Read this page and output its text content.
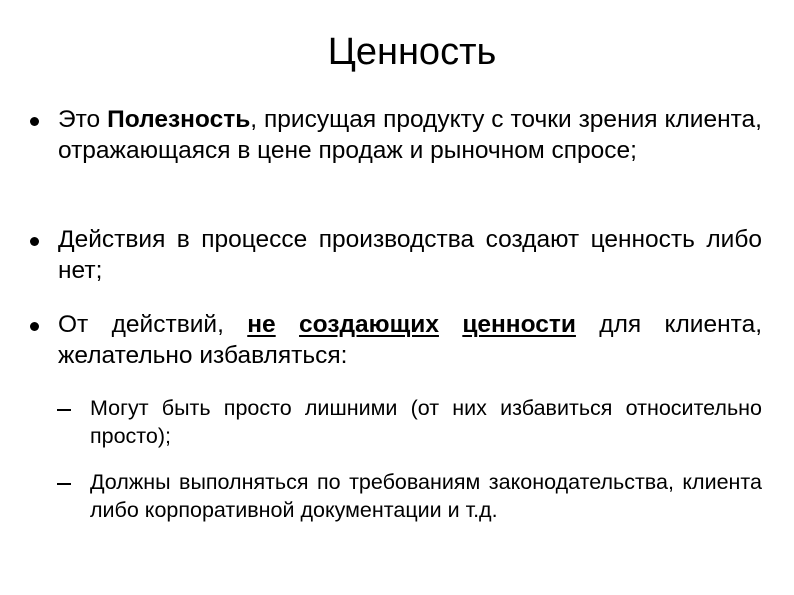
Ценность
Это Полезность, присущая продукту с точки зрения клиента, отражающаяся в цене продаж и рыночном спросе;
Действия в процессе производства создают ценность либо нет;
От действий, не создающих ценности для клиента, желательно избавляться:
Могут быть просто лишними (от них избавиться относительно просто);
Должны выполняться по требованиям законодательства, клиента либо корпоративной документации и т.д.
